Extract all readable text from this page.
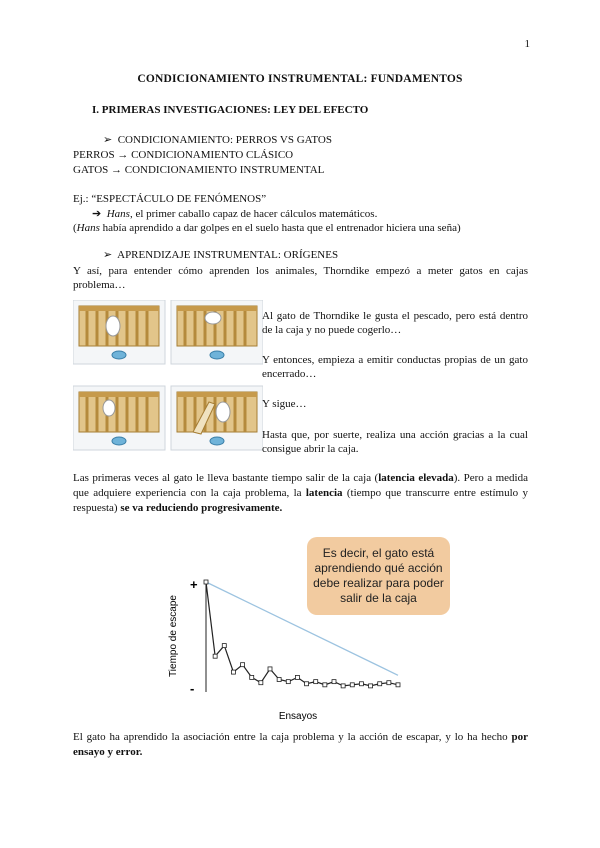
1
CONDICIONAMIENTO INSTRUMENTAL: FUNDAMENTOS
I. PRIMERAS INVESTIGACIONES: LEY DEL EFECTO
➢ CONDICIONAMIENTO: PERROS VS GATOS
PERROS → CONDICIONAMIENTO CLÁSICO
GATOS → CONDICIONAMIENTO INSTRUMENTAL
Ej.: “ESPECTÁCULO DE FENÓMENOS”
➔ Hans, el primer caballo capaz de hacer cálculos matemáticos.
(Hans había aprendido a dar golpes en el suelo hasta que el entrenador hiciera una seña)
➢ APRENDIZAJE INSTRUMENTAL: ORÍGENES
Y así, para entender cómo aprenden los animales, Thorndike empezó a meter gatos en cajas problema…
Al gato de Thorndike le gusta el pescado, pero está dentro de la caja y no puede cogerlo…
Y entonces, empieza a emitir conductas propias de un gato encerrado…
Y sigue…
Hasta que, por suerte, realiza una acción gracias a la cual consigue abrir la caja.
Las primeras veces al gato le lleva bastante tiempo salir de la caja (latencia elevada). Pero a medida que adquiere experiencia con la caja problema, la latencia (tiempo que transcurre entre estímulo y respuesta) se va reduciendo progresivamente.
Es decir, el gato está aprendiendo qué acción debe realizar para poder salir de la caja
+
-
Tiempo de escape
Ensayos
El gato ha aprendido la asociación entre la caja problema y la acción de escapar, y lo ha hecho por ensayo y error.
